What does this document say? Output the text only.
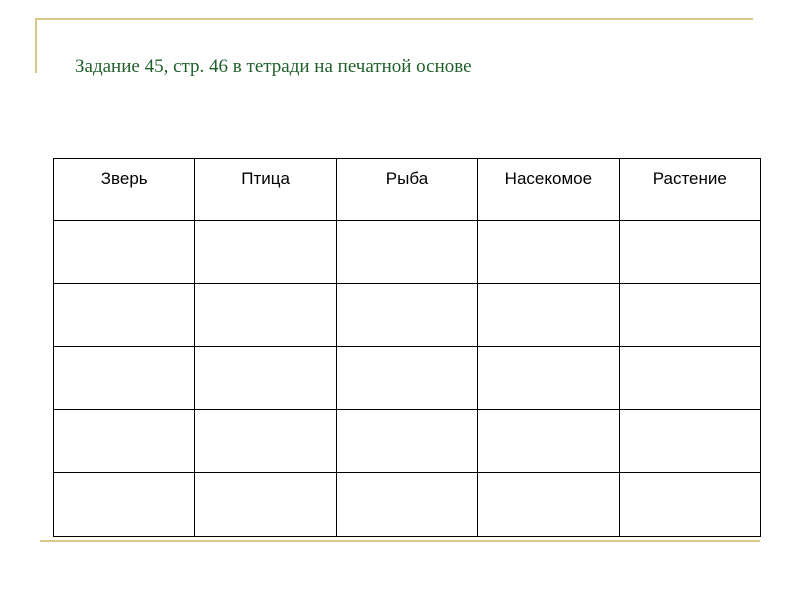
Задание 45, стр. 46 в тетради на печатной основе
Зверь	Птица	Рыба	Насекомое	Растение
